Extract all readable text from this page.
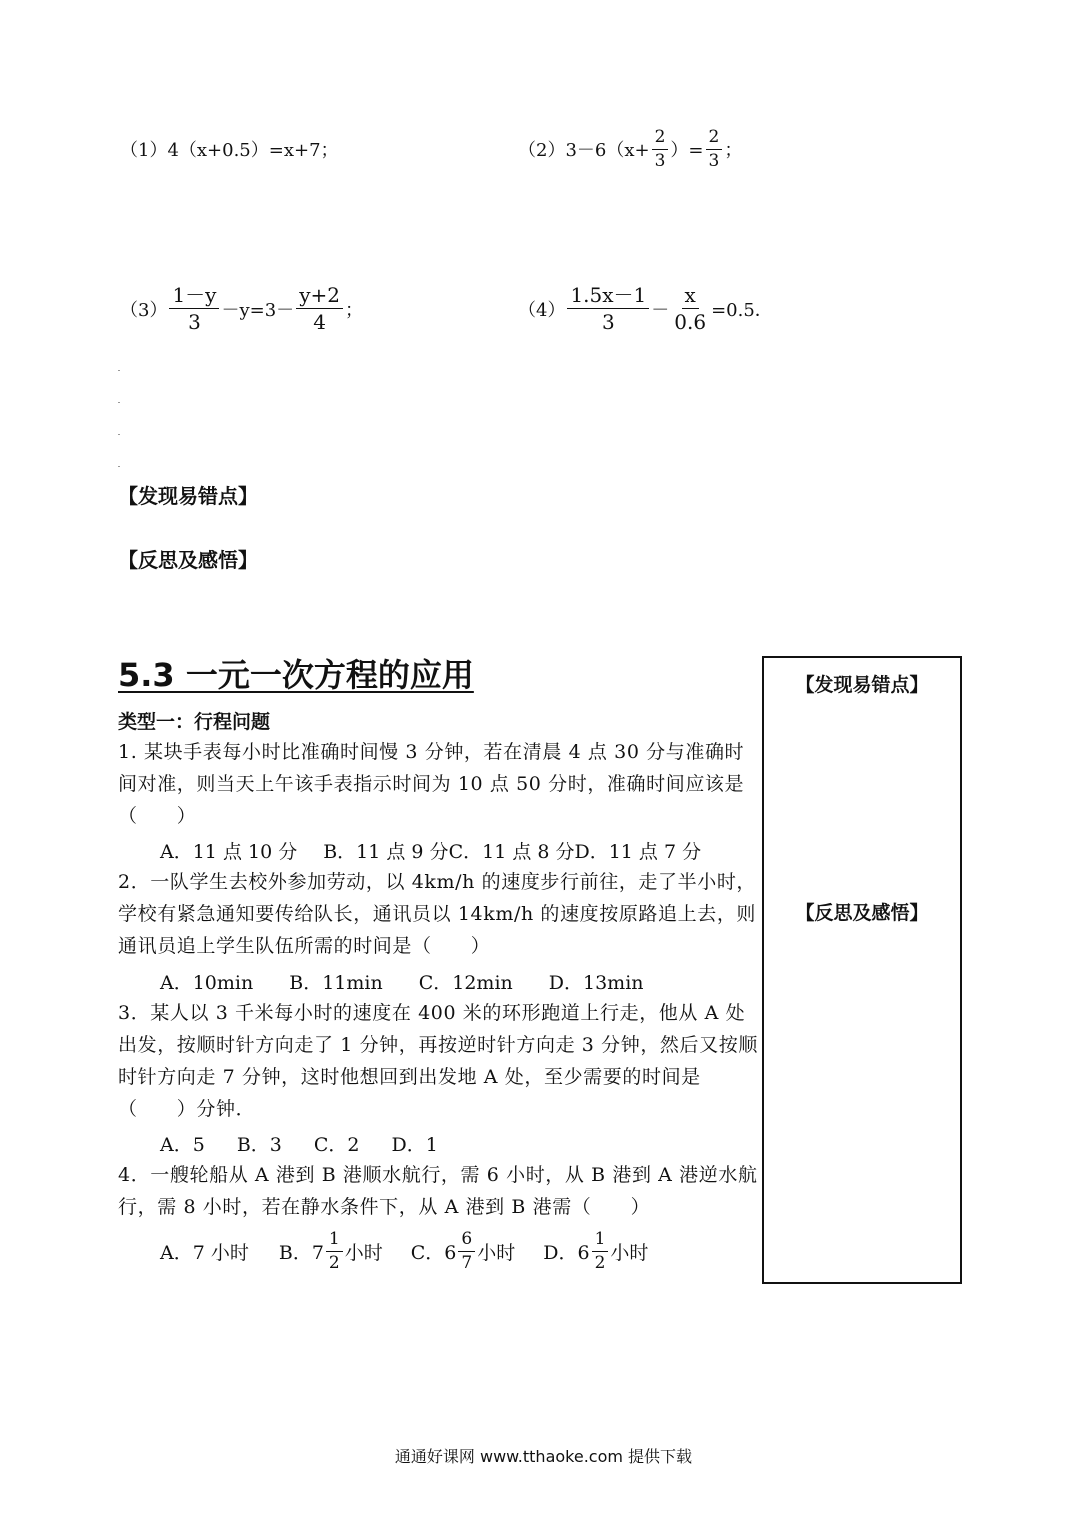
（1）4（x+0.5）=x+7；	$(2)3-6(x+ \frac{2}{3}$ ）= $\frac{2}{3}$ ；
$(3) \frac{1-y}{3} -y=3- \frac{y+2}{4}$ ；	$(4) \frac{1.5x-1}{3} - \frac{x}{0.6} =0.5$．
【发现易错点】
【反思及感悟】
5.3 一元一次方程的应用
类型一：行程问题
1. 某块手表每小时比准确时间慢 3 分钟，若在清晨 4 点 30 分与准确时间对准，则当天上午该手表指示时间为 10 点 50 分时，准确时间应该是（　　）
A．11 点 10 分 B．11 点 9 分 C．11 点 8 分 D．11 点 7 分
2．一队学生去校外参加劳动，以 4km/h 的速度步行前往，走了半小时，学校有紧急通知要传给队长，通讯员以 14km/h 的速度按原路追上去，则通讯员追上学生队伍所需的时间是（　　）
A．10min B．11min C．12min D．13min
3．某人以 3 千米每小时的速度在 400 米的环形跑道上行走，他从 A 处出发，按顺时针方向走了 1 分钟，再按逆时针方向走 3 分钟，然后又按顺时针方向走 7 分钟，这时他想回到出发地 A 处，至少需要的时间是（　　）分钟．
A．5 B．3 C．2 D．1
4．一艘轮船从 A 港到 B 港顺水航行，需 6 小时，从 B 港到 A 港逆水航行，需 8 小时，若在静水条件下，从 A 港到 B 港需（　　）
A．7 小时 B．$7 \frac{1}{2}$ 小时 C．$6 \frac{6}{7}$ 小时 D．$6 \frac{1}{2}$ 小时
【发现易错点】
【反思及感悟】
通通好课网 www.tthaoke.com 提供下载
